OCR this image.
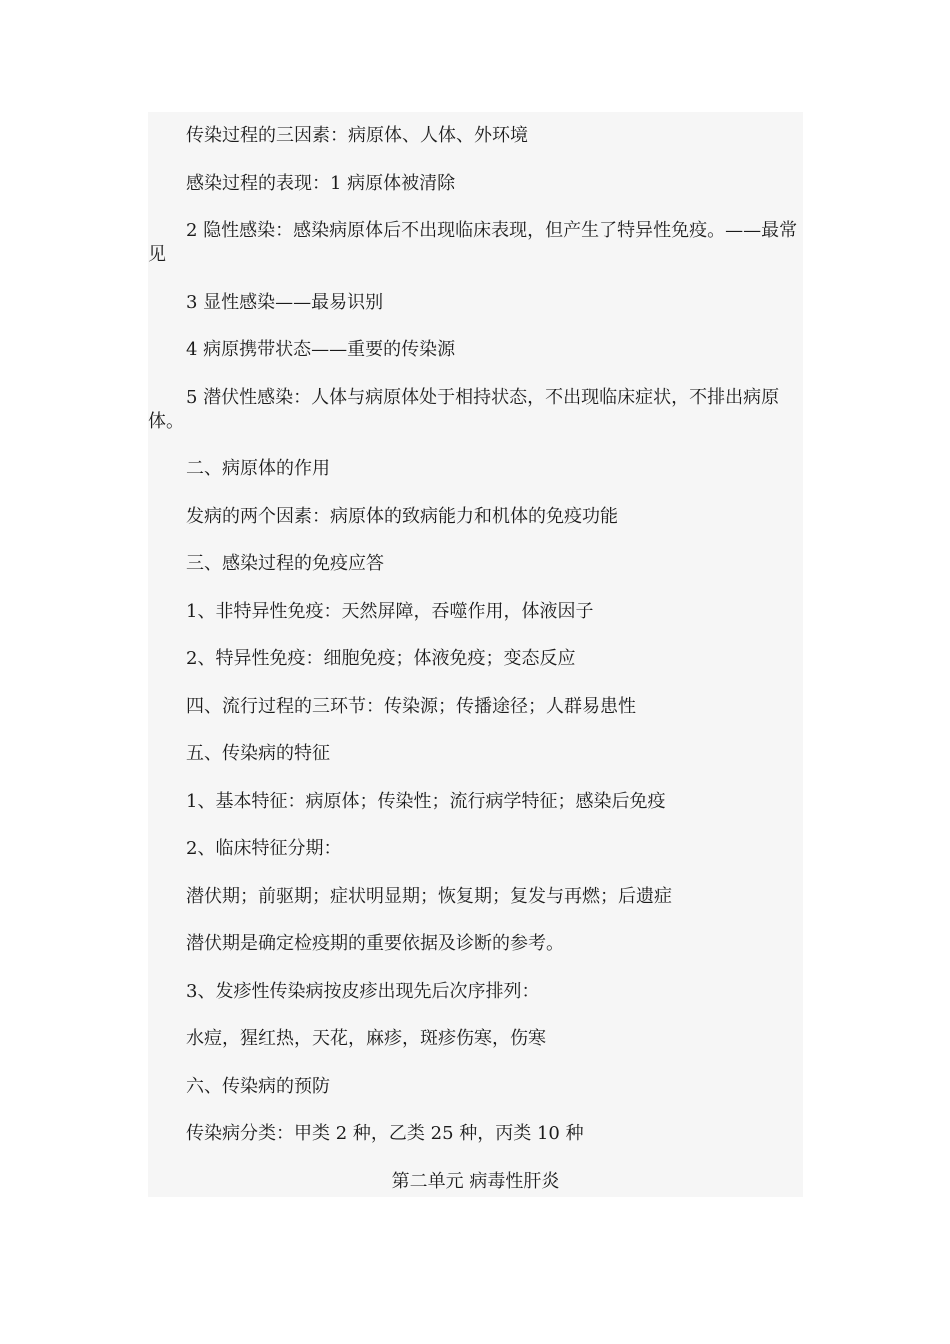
传染过程的三因素：病原体、人体、外环境

感染过程的表现：1 病原体被清除

2 隐性感染：感染病原体后不出现临床表现，但产生了特异性免疫。——最常见

3 显性感染——最易识别

4 病原携带状态——重要的传染源

5 潜伏性感染：人体与病原体处于相持状态，不出现临床症状，不排出病原体。

二、病原体的作用

发病的两个因素：病原体的致病能力和机体的免疫功能

三、感染过程的免疫应答

1、非特异性免疫：天然屏障，吞噬作用，体液因子

2、特异性免疫：细胞免疫；体液免疫；变态反应

四、流行过程的三环节：传染源；传播途径；人群易患性

五、传染病的特征

1、基本特征：病原体；传染性；流行病学特征；感染后免疫

2、临床特征分期：

潜伏期；前驱期；症状明显期；恢复期；复发与再燃；后遗症

潜伏期是确定检疫期的重要依据及诊断的参考。

3、发疹性传染病按皮疹出现先后次序排列：

水痘，猩红热，天花，麻疹，斑疹伤寒，伤寒

六、传染病的预防

传染病分类：甲类 2 种，乙类 25 种，丙类 10 种

第二单元 病毒性肝炎
